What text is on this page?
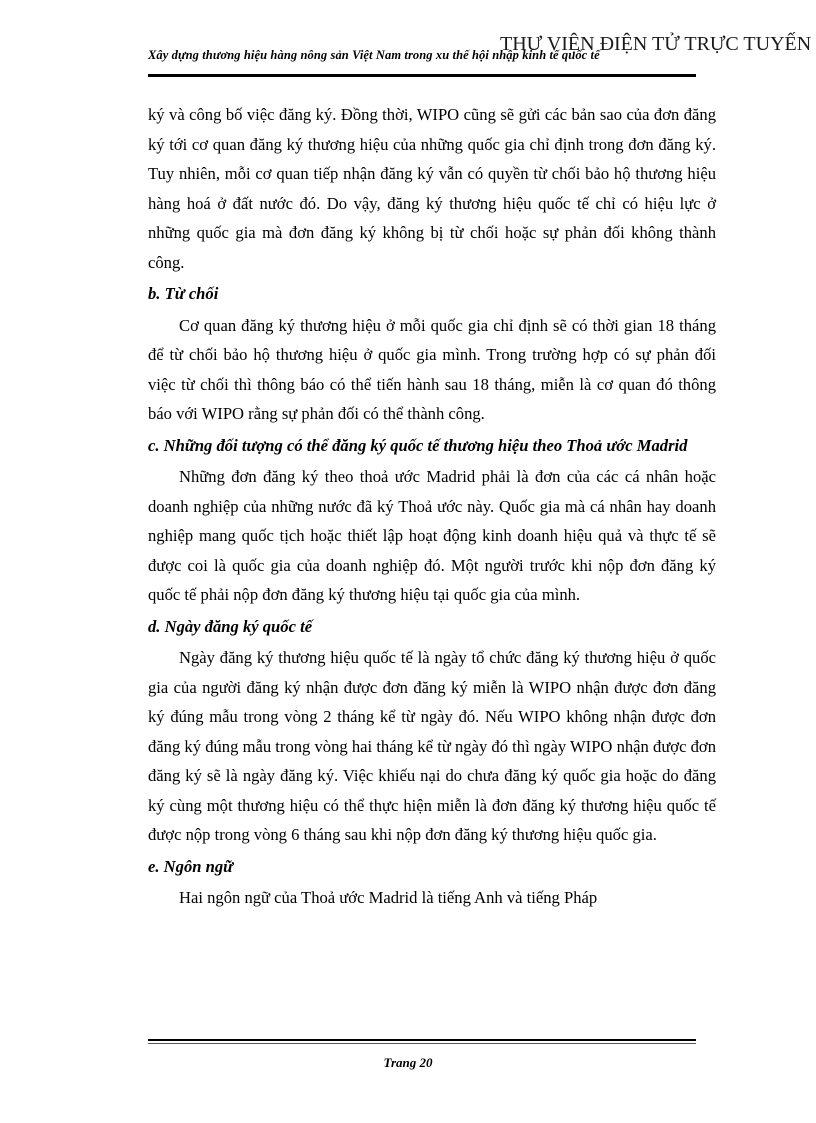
Xây dựng thương hiệu hàng nông sản Việt Nam trong xu thế hội nhập kinh tế quốc tế
THƯ VIỆN ĐIỆN TỬ TRỰC TUYẾN

ký và công bố việc đăng ký. Đồng thời, WIPO cũng sẽ gửi các bản sao của đơn đăng ký tới cơ quan đăng ký thương hiệu của những quốc gia chỉ định trong đơn đăng ký. Tuy nhiên, mỗi cơ quan tiếp nhận đăng ký vẫn có quyền từ chối bảo hộ thương hiệu hàng hoá ở đất nước đó. Do vậy, đăng ký thương hiệu quốc tế chỉ có hiệu lực ở những quốc gia mà đơn đăng ký không bị từ chối hoặc sự phản đối không thành công.

b. Từ chối

Cơ quan đăng ký thương hiệu ở mỗi quốc gia chỉ định sẽ có thời gian 18 tháng để từ chối bảo hộ thương hiệu ở quốc gia mình. Trong trường hợp có sự phản đối việc từ chối thì thông báo có thể tiến hành sau 18 tháng, miễn là cơ quan đó thông báo với WIPO rằng sự phản đối có thể thành công.

c. Những đối tượng có thể đăng ký quốc tế thương hiệu theo Thoả ước Madrid

Những đơn đăng ký theo thoả ước Madrid phải là đơn của các cá nhân hoặc doanh nghiệp của những nước đã ký Thoả ước này. Quốc gia mà cá nhân hay doanh nghiệp mang quốc tịch hoặc thiết lập hoạt động kinh doanh hiệu quả và thực tế sẽ được coi là quốc gia của doanh nghiệp đó. Một người trước khi nộp đơn đăng ký quốc tế phải nộp đơn đăng ký thương hiệu tại quốc gia của mình.

d. Ngày đăng ký quốc tế

Ngày đăng ký thương hiệu quốc tế là ngày tổ chức đăng ký thương hiệu ở quốc gia của người đăng ký nhận được đơn đăng ký miễn là WIPO nhận được đơn đăng ký đúng mẫu trong vòng 2 tháng kể từ ngày đó. Nếu WIPO không nhận được đơn đăng ký đúng mẫu trong vòng hai tháng kể từ ngày đó thì ngày WIPO nhận được đơn đăng ký sẽ là ngày đăng ký. Việc khiếu nại do chưa đăng ký quốc gia hoặc do đăng ký cùng một thương hiệu có thể thực hiện miễn là đơn đăng ký thương hiệu quốc tế được nộp trong vòng 6 tháng sau khi nộp đơn đăng ký thương hiệu quốc gia.

e. Ngôn ngữ

Hai ngôn ngữ của Thoả ước Madrid là tiếng Anh và tiếng Pháp

Trang 20
